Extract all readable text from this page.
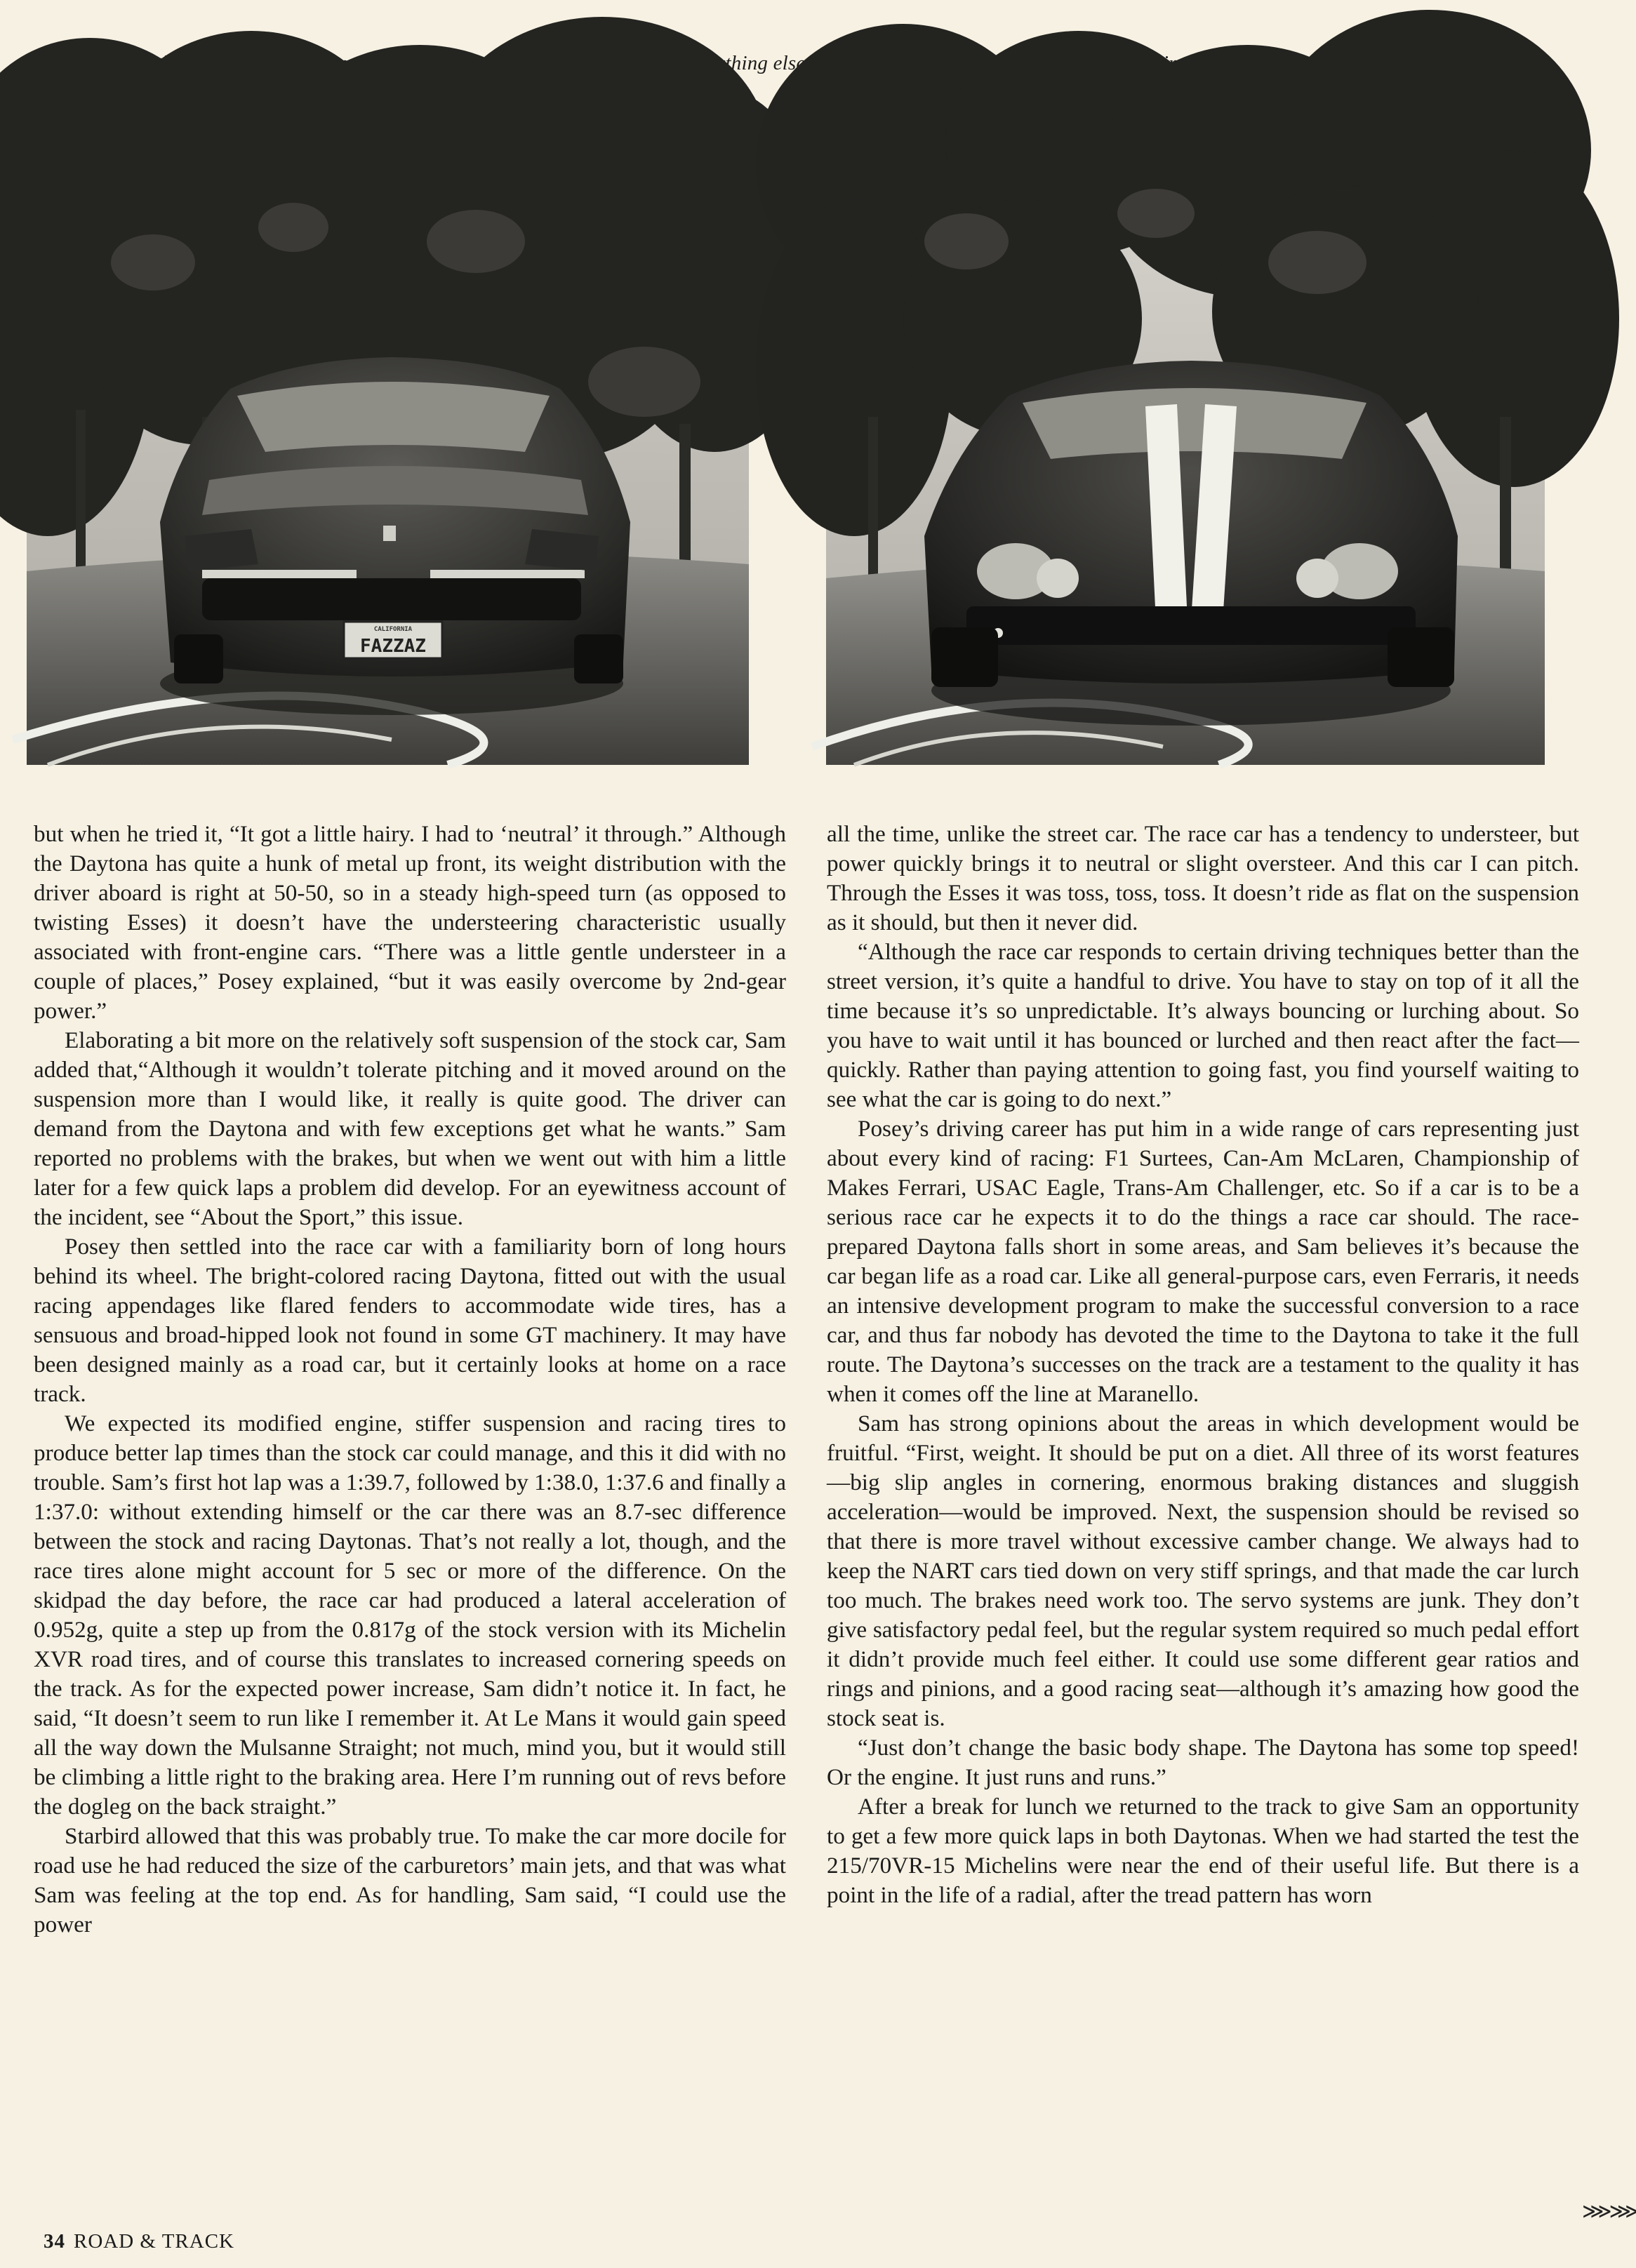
anything else,
CALIFORNIA
FAZZAZ

but when he tried it, “It got a little hairy. I had to ‘neutral’ it through.” Although the Daytona has quite a hunk of metal up front, its weight distribution with the driver aboard is right at 50-50, so in a steady high-speed turn (as opposed to twisting Esses) it doesn’t have the understeering characteristic usually associated with front-engine cars. “There was a little gentle understeer in a couple of places,” Posey explained, “but it was easily overcome by 2nd-gear power.”

Elaborating a bit more on the relatively soft suspension of the stock car, Sam added that,“Although it wouldn’t tolerate pitching and it moved around on the suspension more than I would like, it really is quite good. The driver can demand from the Daytona and with few exceptions get what he wants.” Sam reported no problems with the brakes, but when we went out with him a little later for a few quick laps a problem did develop. For an eyewitness account of the incident, see “About the Sport,” this issue.

Posey then settled into the race car with a familiarity born of long hours behind its wheel. The bright-colored racing Daytona, fitted out with the usual racing appendages like flared fenders to accommodate wide tires, has a sensuous and broad-hipped look not found in some GT machinery. It may have been designed mainly as a road car, but it certainly looks at home on a race track.

We expected its modified engine, stiffer suspension and racing tires to produce better lap times than the stock car could manage, and this it did with no trouble. Sam’s first hot lap was a 1:39.7, followed by 1:38.0, 1:37.6 and finally a 1:37.0: without extending himself or the car there was an 8.7-sec difference between the stock and racing Daytonas. That’s not really a lot, though, and the race tires alone might account for 5 sec or more of the difference. On the skidpad the day before, the race car had produced a lateral acceleration of 0.952g, quite a step up from the 0.817g of the stock version with its Michelin XVR road tires, and of course this translates to increased cornering speeds on the track. As for the expected power increase, Sam didn’t notice it. In fact, he said, “It doesn’t seem to run like I remember it. At Le Mans it would gain speed all the way down the Mulsanne Straight; not much, mind you, but it would still be climbing a little right to the braking area. Here I’m running out of revs before the dogleg on the back straight.”

Starbird allowed that this was probably true. To make the car more docile for road use he had reduced the size of the carburetors’ main jets, and that was what Sam was feeling at the top end. As for handling, Sam said, “I could use the power

all the time, unlike the street car. The race car has a tendency to understeer, but power quickly brings it to neutral or slight oversteer. And this car I can pitch. Through the Esses it was toss, toss, toss. It doesn’t ride as flat on the suspension as it should, but then it never did.

“Although the race car responds to certain driving techniques better than the street version, it’s quite a handful to drive. You have to stay on top of it all the time because it’s so unpredictable. It’s always bouncing or lurching about. So you have to wait until it has bounced or lurched and then react after the fact—quickly. Rather than paying attention to going fast, you find yourself waiting to see what the car is going to do next.”

Posey’s driving career has put him in a wide range of cars representing just about every kind of racing: F1 Surtees, Can-Am McLaren, Championship of Makes Ferrari, USAC Eagle, Trans-Am Challenger, etc. So if a car is to be a serious race car he expects it to do the things a race car should. The race-prepared Daytona falls short in some areas, and Sam believes it’s because the car began life as a road car. Like all general-purpose cars, even Ferraris, it needs an intensive development program to make the successful conversion to a race car, and thus far nobody has devoted the time to the Daytona to take it the full route. The Daytona’s successes on the track are a testament to the quality it has when it comes off the line at Maranello.

Sam has strong opinions about the areas in which development would be fruitful. “First, weight. It should be put on a diet. All three of its worst features—big slip angles in cornering, enormous braking distances and sluggish acceleration—would be improved. Next, the suspension should be revised so that there is more travel without excessive camber change. We always had to keep the NART cars tied down on very stiff springs, and that made the car lurch too much. The brakes need work too. The servo systems are junk. They don’t give satisfactory pedal feel, but the regular system required so much pedal effort it didn’t provide much feel either. It could use some different gear ratios and rings and pinions, and a good racing seat—although it’s amazing how good the stock seat is.

“Just don’t change the basic body shape. The Daytona has some top speed! Or the engine. It just runs and runs.”

After a break for lunch we returned to the track to give Sam an opportunity to get a few more quick laps in both Daytonas. When we had started the test the 215/70VR-15 Michelins were near the end of their useful life. But there is a point in the life of a radial, after the tread pattern has worn

⋙⋙
34 ROAD & TRACK
